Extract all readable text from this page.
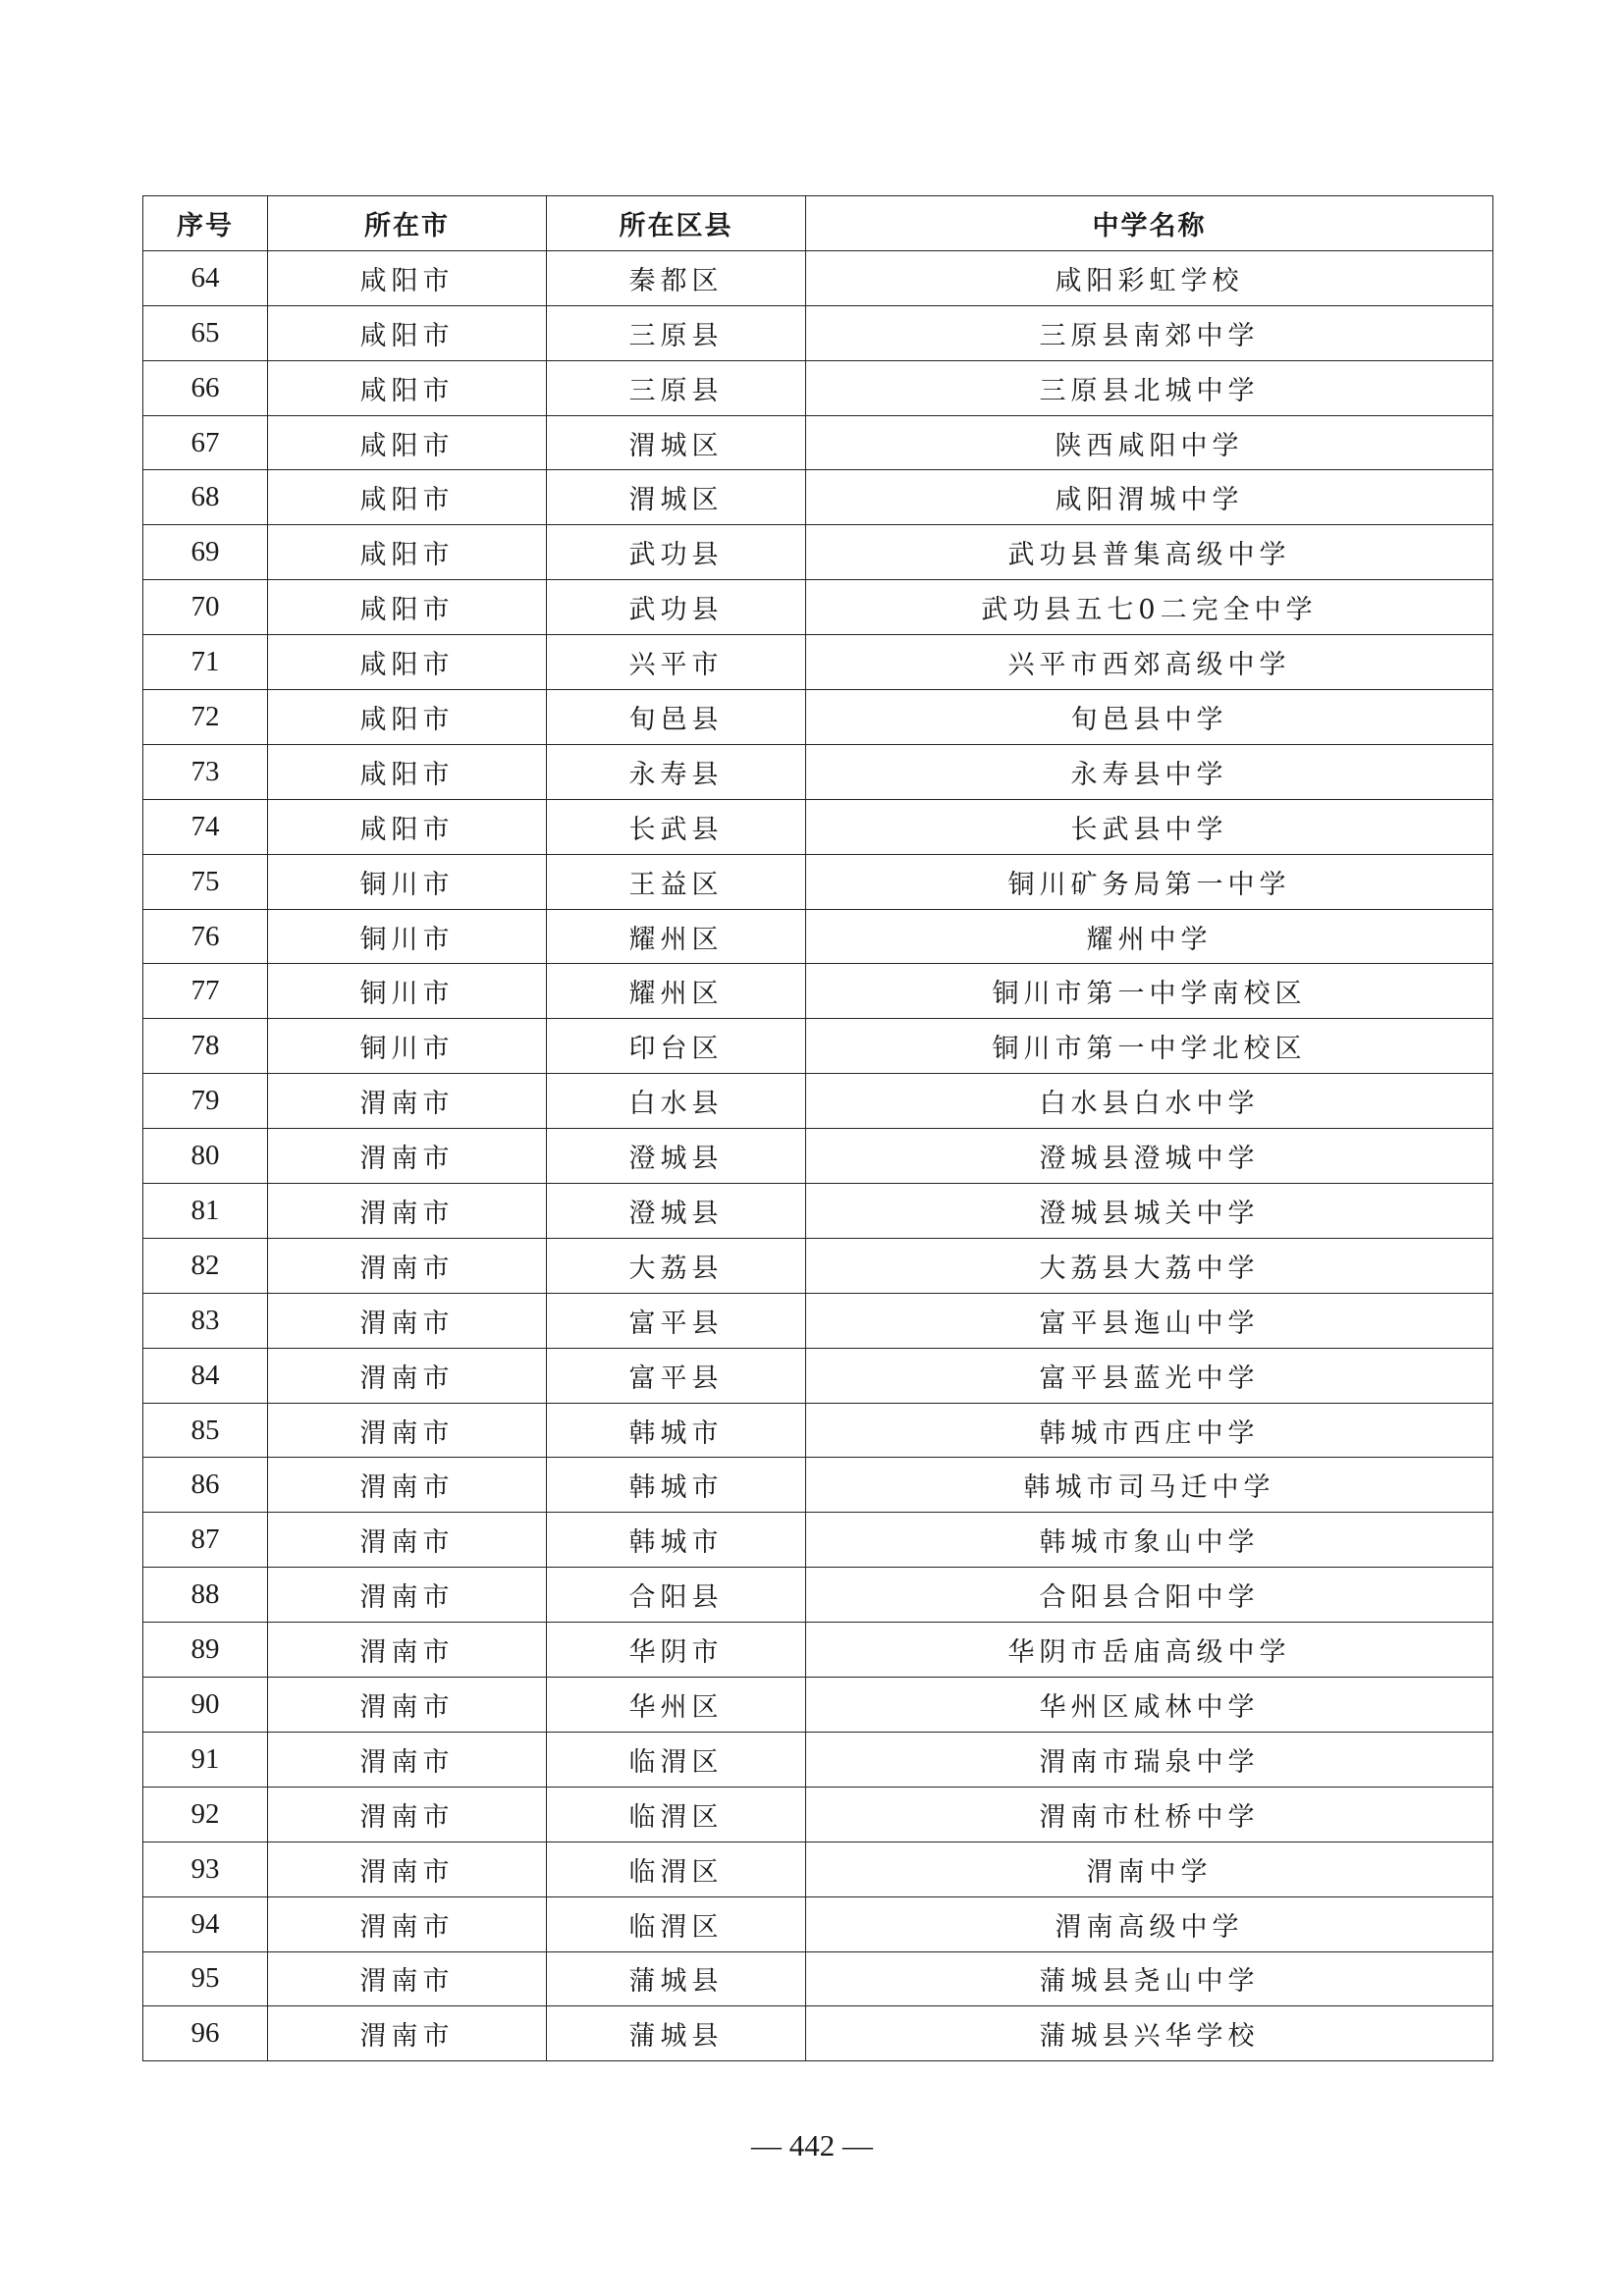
序号	所在市	所在区县	中学名称
64	咸阳市	秦都区	咸阳彩虹学校
65	咸阳市	三原县	三原县南郊中学
66	咸阳市	三原县	三原县北城中学
67	咸阳市	渭城区	陕西咸阳中学
68	咸阳市	渭城区	咸阳渭城中学
69	咸阳市	武功县	武功县普集高级中学
70	咸阳市	武功县	武功县五七0二完全中学
71	咸阳市	兴平市	兴平市西郊高级中学
72	咸阳市	旬邑县	旬邑县中学
73	咸阳市	永寿县	永寿县中学
74	咸阳市	长武县	长武县中学
75	铜川市	王益区	铜川矿务局第一中学
76	铜川市	耀州区	耀州中学
77	铜川市	耀州区	铜川市第一中学南校区
78	铜川市	印台区	铜川市第一中学北校区
79	渭南市	白水县	白水县白水中学
80	渭南市	澄城县	澄城县澄城中学
81	渭南市	澄城县	澄城县城关中学
82	渭南市	大荔县	大荔县大荔中学
83	渭南市	富平县	富平县迤山中学
84	渭南市	富平县	富平县蓝光中学
85	渭南市	韩城市	韩城市西庄中学
86	渭南市	韩城市	韩城市司马迁中学
87	渭南市	韩城市	韩城市象山中学
88	渭南市	合阳县	合阳县合阳中学
89	渭南市	华阴市	华阴市岳庙高级中学
90	渭南市	华州区	华州区咸林中学
91	渭南市	临渭区	渭南市瑞泉中学
92	渭南市	临渭区	渭南市杜桥中学
93	渭南市	临渭区	渭南中学
94	渭南市	临渭区	渭南高级中学
95	渭南市	蒲城县	蒲城县尧山中学
96	渭南市	蒲城县	蒲城县兴华学校
— 442 —
